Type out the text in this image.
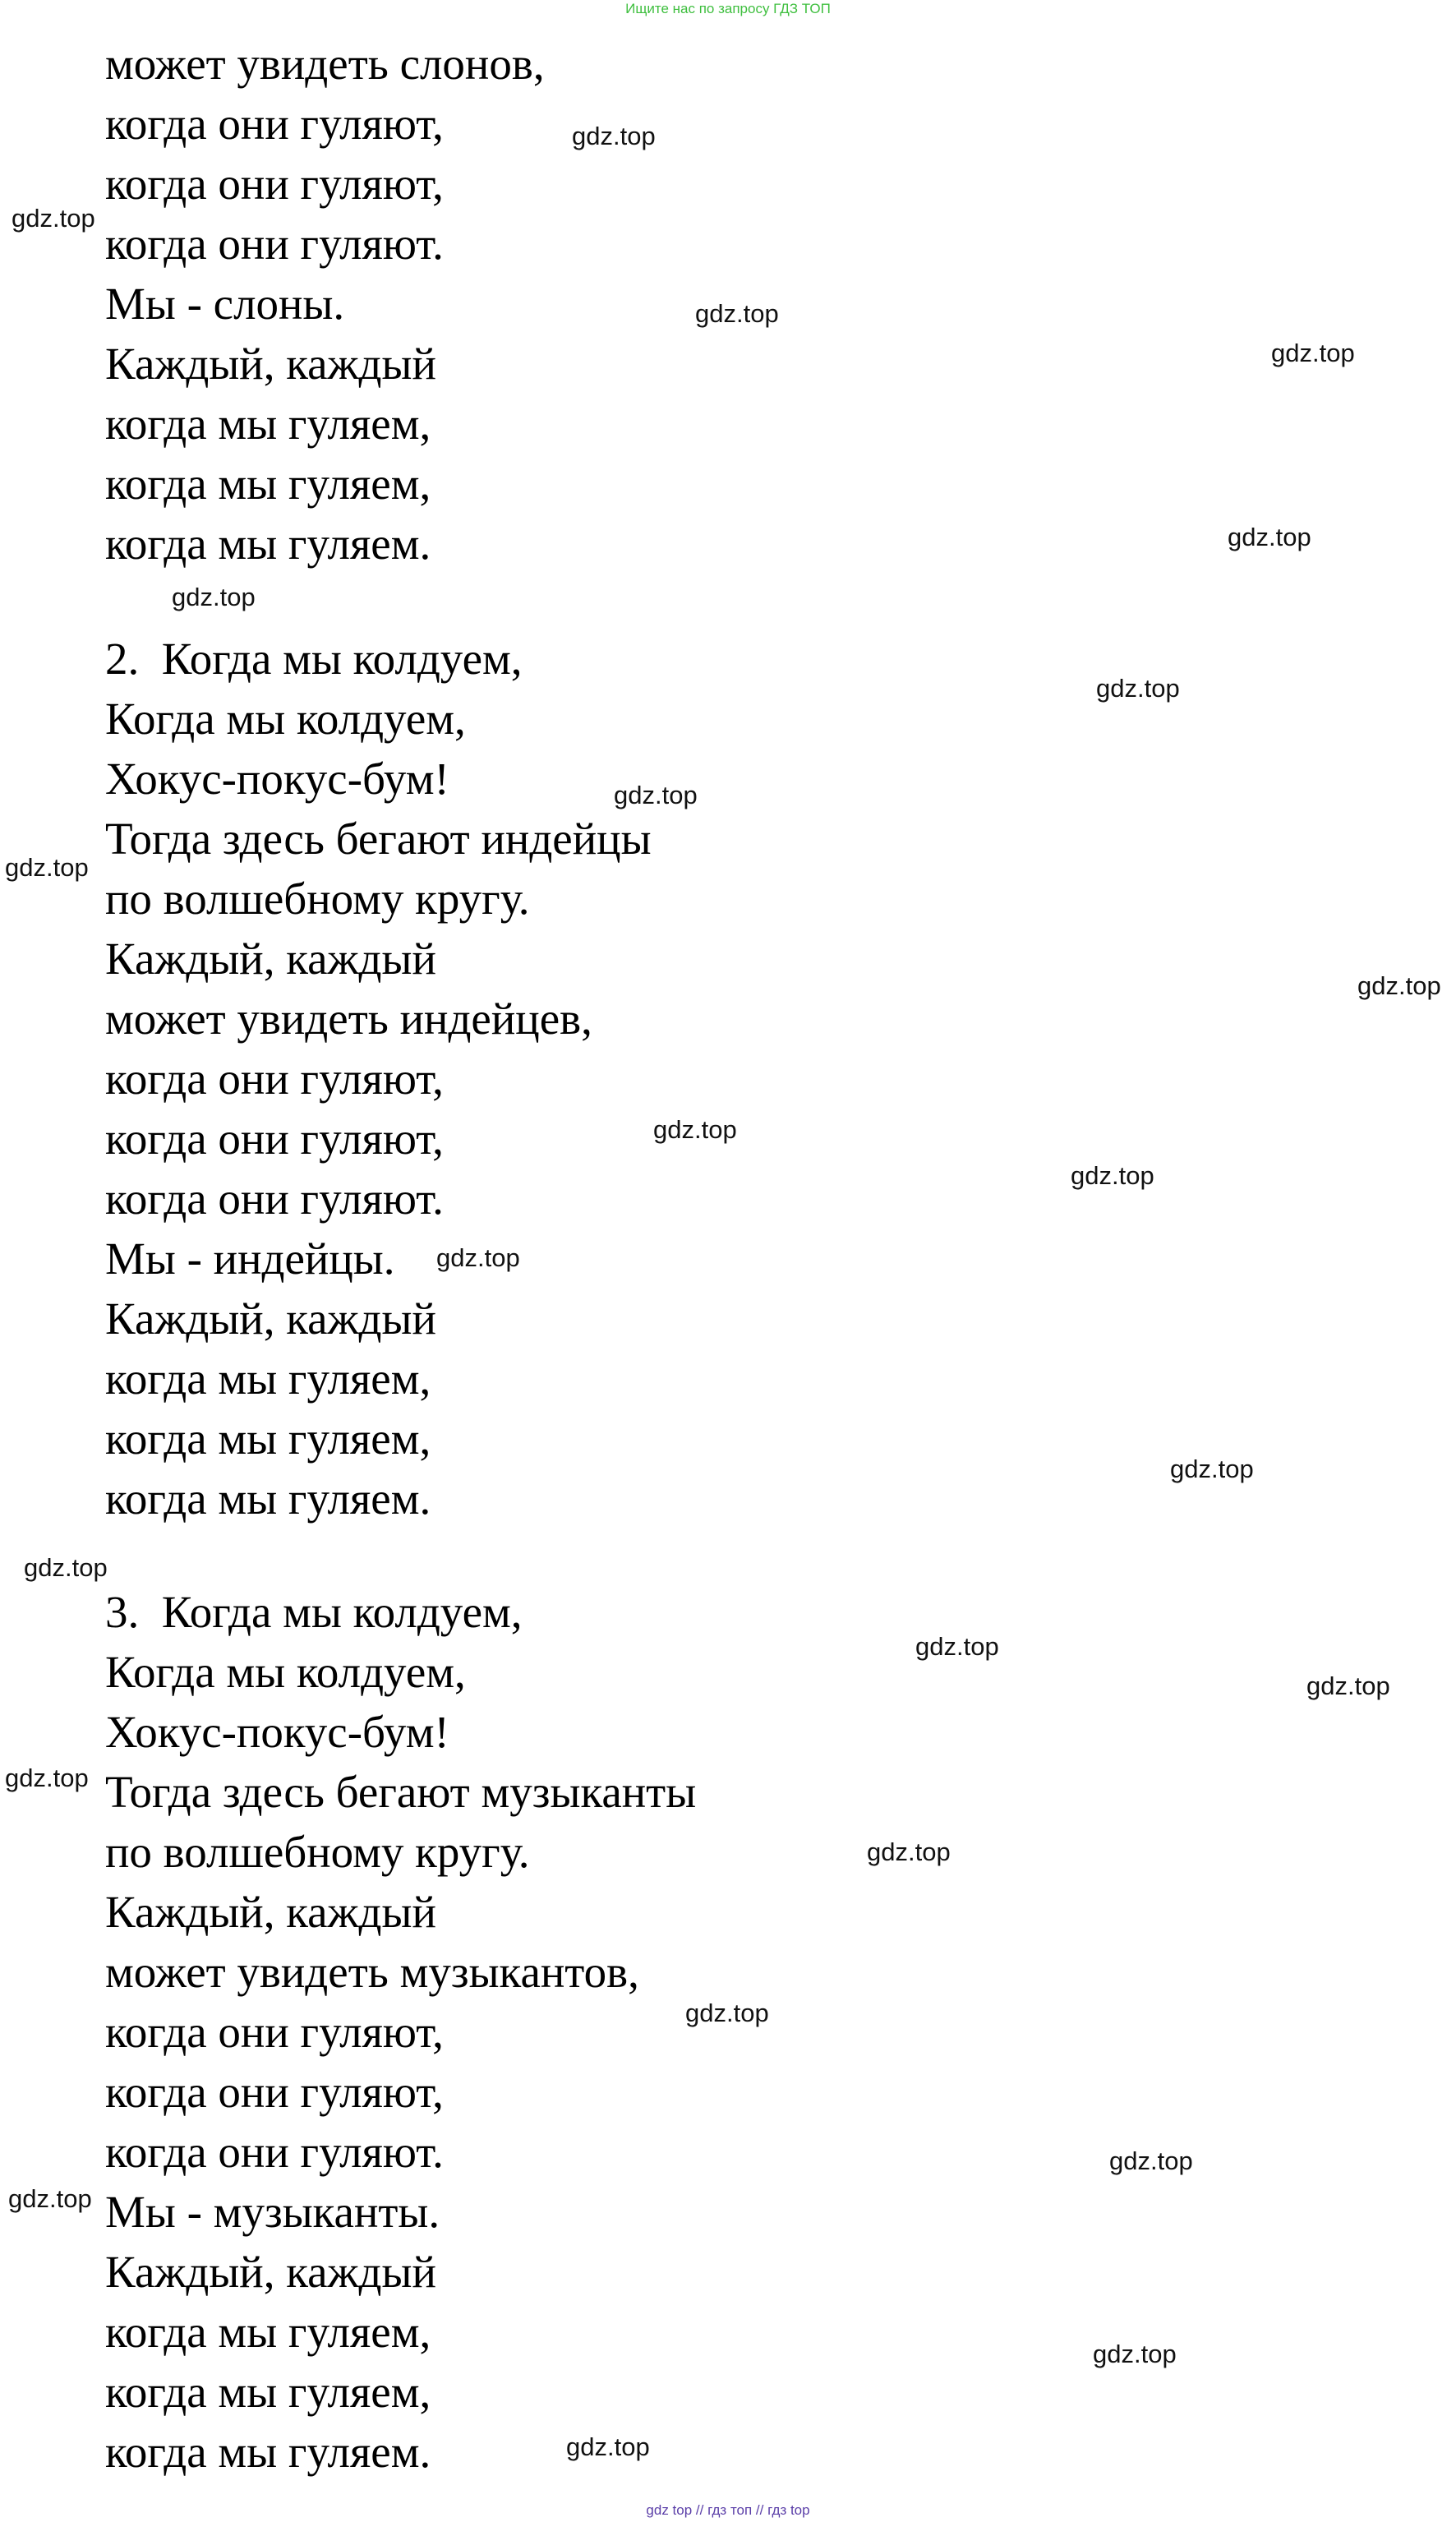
Ищите нас по запросу ГДЗ ТОП
может увидеть слонов,
когда они гуляют,
когда они гуляют,
когда они гуляют.
Мы - слоны.
Каждый, каждый
когда мы гуляем,
когда мы гуляем,
когда мы гуляем.
2.  Когда мы колдуем,
Когда мы колдуем,
Хокус-покус-бум!
Тогда здесь бегают индейцы
по волшебному кругу.
Каждый, каждый
может увидеть индейцев,
когда они гуляют,
когда они гуляют,
когда они гуляют.
Мы - индейцы.
Каждый, каждый
когда мы гуляем,
когда мы гуляем,
когда мы гуляем.
3.  Когда мы колдуем,
Когда мы колдуем,
Хокус-покус-бум!
Тогда здесь бегают музыканты
по волшебному кругу.
Каждый, каждый
может увидеть музыкантов,
когда они гуляют,
когда они гуляют,
когда они гуляют.
Мы - музыканты.
Каждый, каждый
когда мы гуляем,
когда мы гуляем,
когда мы гуляем.
gdz.top
gdz.top
gdz.top
gdz.top
gdz.top
gdz.top
gdz.top
gdz.top
gdz.top
gdz.top
gdz.top
gdz.top
gdz.top
gdz.top
gdz.top
gdz.top
gdz.top
gdz.top
gdz.top
gdz.top
gdz.top
gdz.top
gdz.top
gdz.top
gdz top // гдз топ // гдз top
